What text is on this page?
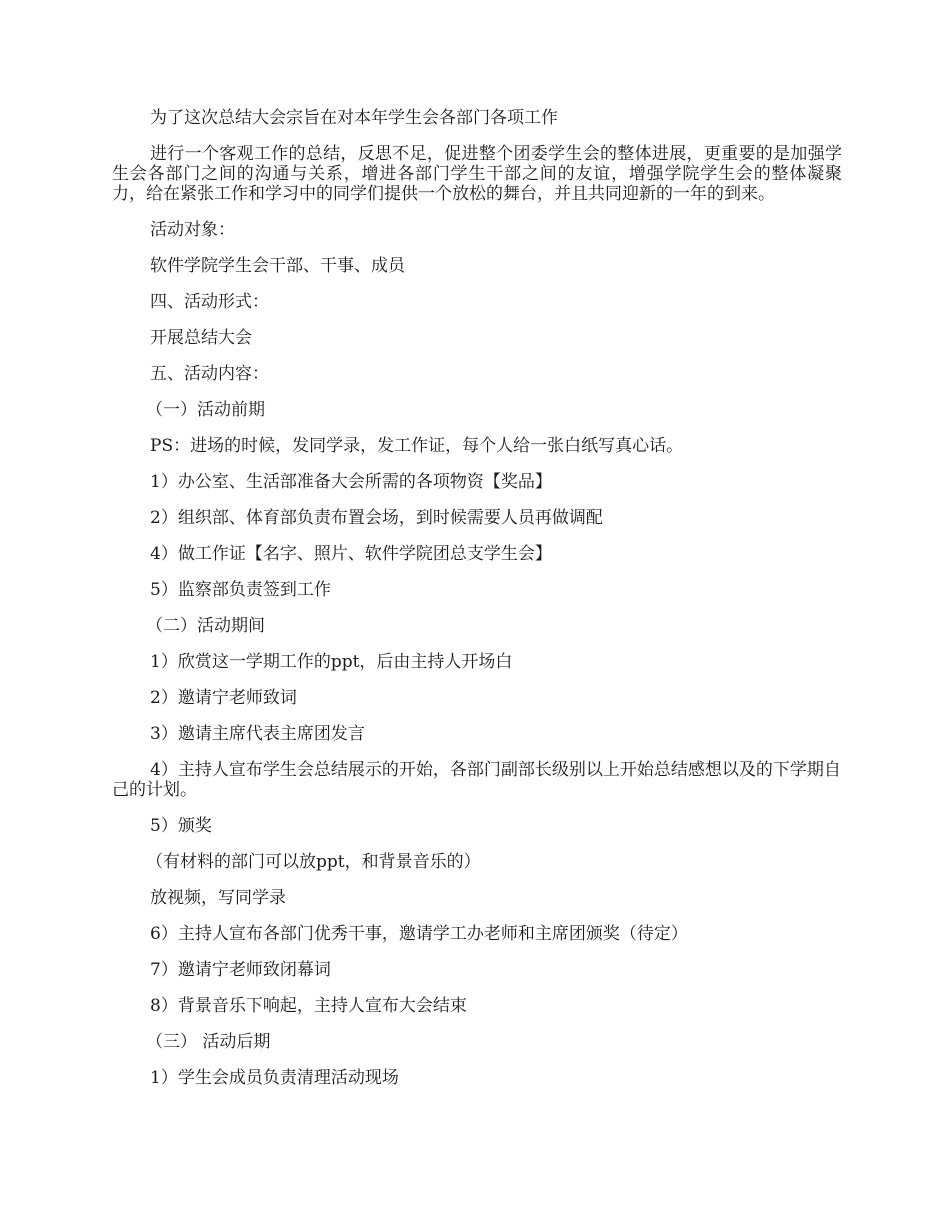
为了这次总结大会宗旨在对本年学生会各部门各项工作

进行一个客观工作的总结，反思不足，促进整个团委学生会的整体进展，更重要的是加强学生会各部门之间的沟通与关系，增进各部门学生干部之间的友谊，增强学院学生会的整体凝聚力，给在紧张工作和学习中的同学们提供一个放松的舞台，并且共同迎新的一年的到来。

活动对象：

软件学院学生会干部、干事、成员

四、活动形式：

开展总结大会

五、活动内容：

（一）活动前期

PS：进场的时候，发同学录，发工作证，每个人给一张白纸写真心话。

1）办公室、生活部准备大会所需的各项物资【奖品】

2）组织部、体育部负责布置会场，到时候需要人员再做调配

4）做工作证【名字、照片、软件学院团总支学生会】

5）监察部负责签到工作

（二）活动期间

1）欣赏这一学期工作的ppt，后由主持人开场白

2）邀请宁老师致词

3）邀请主席代表主席团发言

4）主持人宣布学生会总结展示的开始，各部门副部长级别以上开始总结感想以及的下学期自己的计划。

5）颁奖

（有材料的部门可以放ppt，和背景音乐的）

放视频，写同学录

6）主持人宣布各部门优秀干事，邀请学工办老师和主席团颁奖（待定）

7）邀请宁老师致闭幕词

8）背景音乐下响起，主持人宣布大会结束

（三） 活动后期

1）学生会成员负责清理活动现场
